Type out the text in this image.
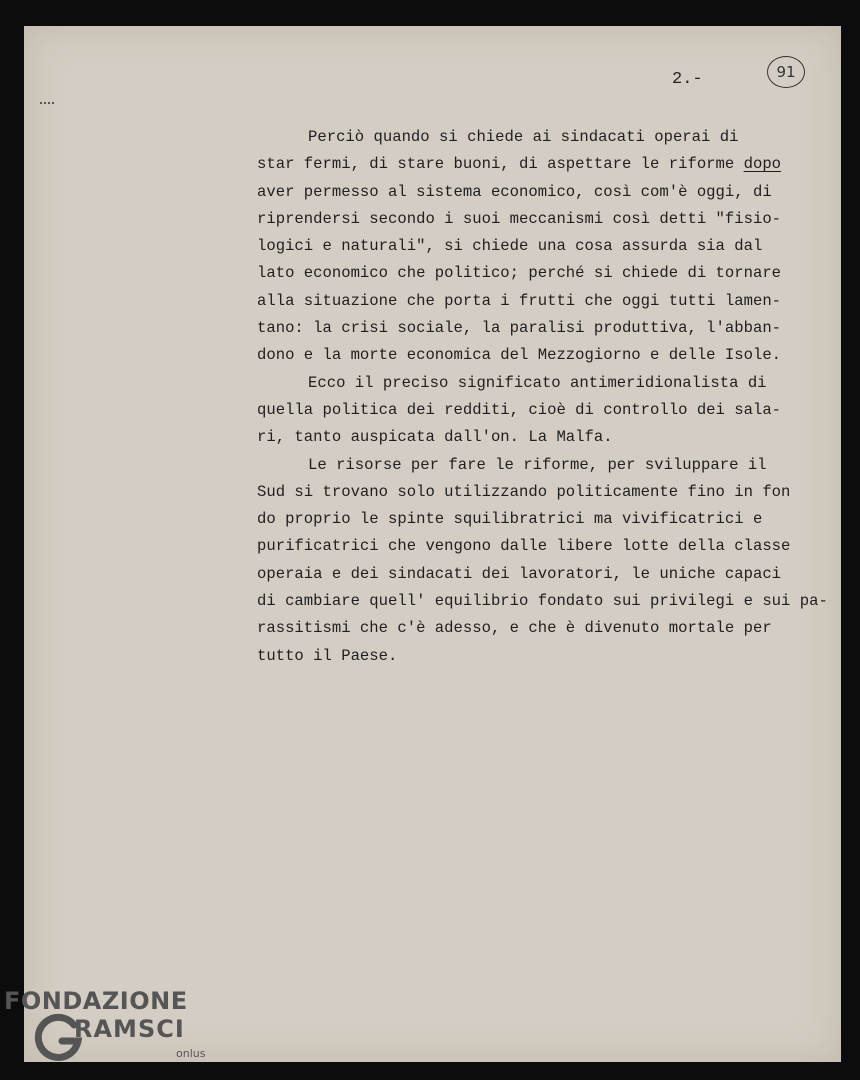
2.-	91
Perciò quando si chiede ai sindacati operai di
star fermi, di stare buoni, di aspettare le riforme dopo
aver permesso al sistema economico, così com'è oggi, di
riprendersi secondo i suoi meccanismi così detti "fisio-
logici e naturali", si chiede una cosa assurda sia dal
lato economico che politico; perché si chiede di tornare
alla situazione che porta i frutti che oggi tutti lamen-
tano: la crisi sociale, la paralisi produttiva, l'abban-
dono e la morte economica del Mezzogiorno e delle Isole.
Ecco il preciso significato antimeridionalista di
quella politica dei redditi, cioè di controllo dei sala-
ri, tanto auspicata dall'on. La Malfa.
Le risorse per fare le riforme, per sviluppare il
Sud si trovano solo utilizzando politicamente fino in fon
do proprio le spinte squilibratrici ma vivificatrici e
purificatrici che vengono dalle libere lotte della classe
operaia e dei sindacati dei lavoratori, le uniche capaci
di cambiare quell' equilibrio fondato sui privilegi e sui pa-
rassitismi che c'è adesso, e che è divenuto mortale per
tutto il Paese.
FONDAZIONE
RAMSCI
onlus
